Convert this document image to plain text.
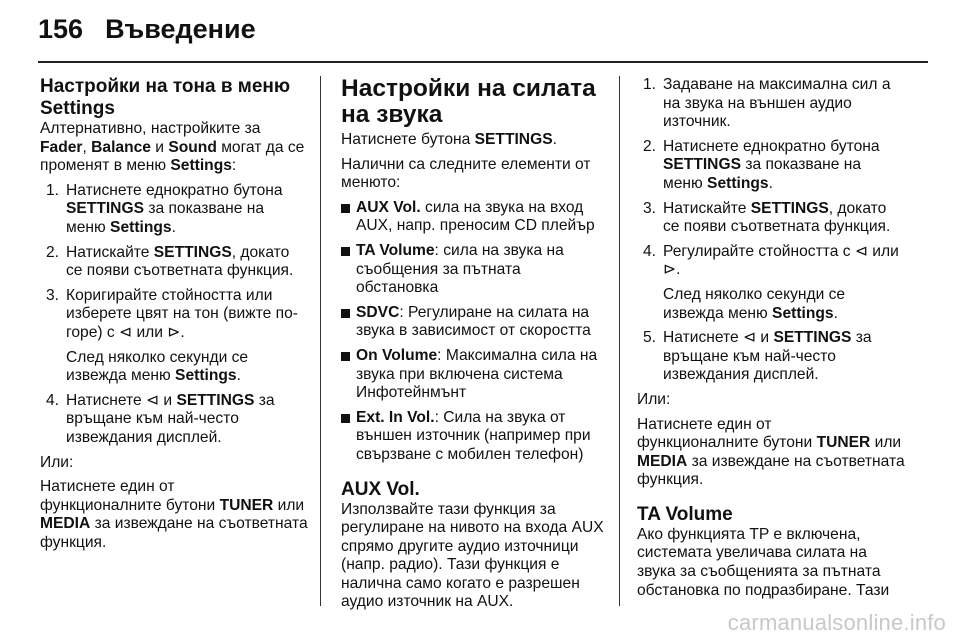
156 Въведение
Настройки на тона в меню Settings

Алтернативно, настройките за Fader, Balance и Sound могат да се променят в меню Settings:

1. Натиснете еднократно бутона SETTINGS за показване на меню Settings.

2. Натискайте SETTINGS, докато се появи съответната функция.

3. Коригирайте стойността или изберете цвят на тон (вижте по-горе) с ⊲ или ⊳.

След няколко секунди се извежда меню Settings.

4. Натиснете ⊲ и SETTINGS за връщане към най-често извеждания дисплей.

Или:

Натиснете един от

функционалните бутони TUNER или MEDIA за извеждане на съответната функция.

Настройки на силата на звука

Натиснете бутона SETTINGS.

Налични са следните елементи от менюто:

AUX Vol. сила на звука на вход AUX, напр. преносим CD плейър
TA Volume: сила на звука на съобщения за пътната обстановка
SDVC: Регулиране на силата на звука в зависимост от скоростта
On Volume: Максимална сила на звука при включена система Инфотейнмънт
Ext. In Vol.: Сила на звука от външен източник (например при свързване с мобилен телефон)
AUX Vol.

Използвайте тази функция за регулиране на нивото на входа AUX спрямо другите аудио източници (напр. радио). Тази функция е налична само когато е разрешен аудио източник на AUX.

1. Задаване на максимална сил а на звука на външен аудио източник.

2. Натиснете еднократно бутона SETTINGS за показване на меню Settings.

3. Натискайте SETTINGS, докато се появи съответната функция.

4. Регулирайте стойността с ⊲ или ⊳.

След няколко секунди се извежда меню Settings.

5. Натиснете ⊲ и SETTINGS за връщане към най-често извеждания дисплей.

Или:

Натиснете един от

функционалните бутони TUNER или MEDIA за извеждане на съответната функция.

TA Volume

Ако функцията TP е включена, системата увеличава силата на звука за съобщенията за пътната обстановка по подразбиране. Тази

carmanualsonline.info
